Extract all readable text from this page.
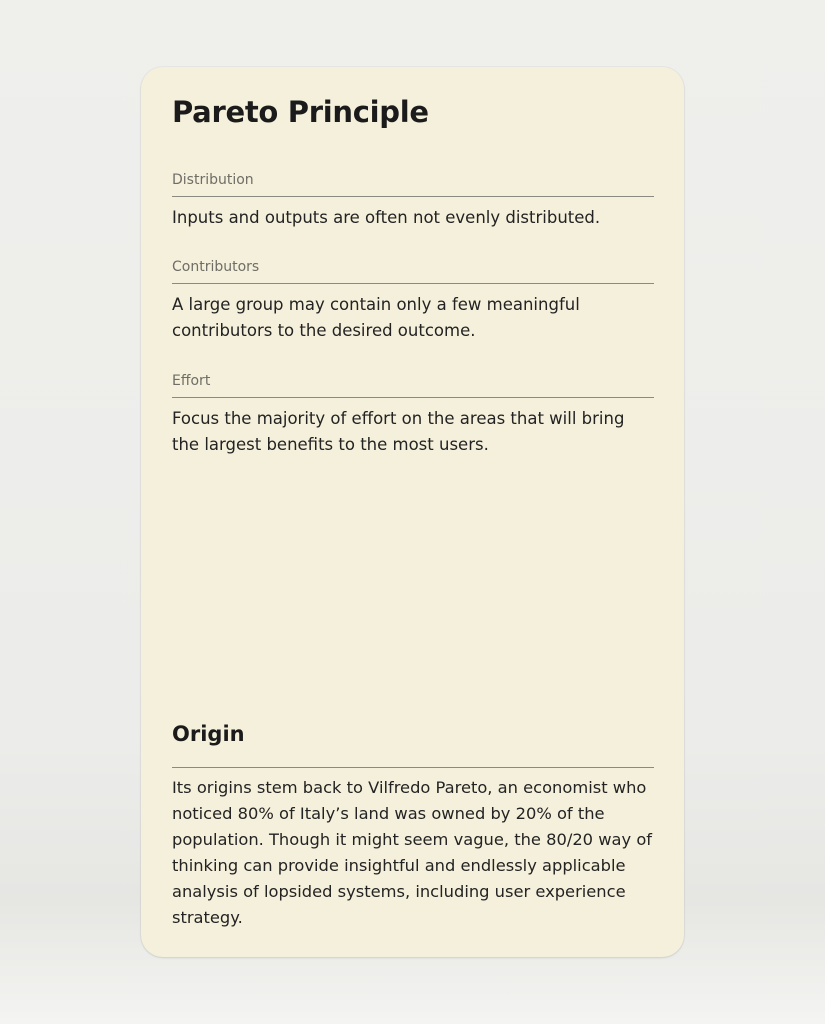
Pareto Principle
Distribution
Inputs and outputs are often not evenly distributed.
Contributors
A large group may contain only a few meaningful contributors to the desired outcome.
Effort
Focus the majority of effort on the areas that will bring the largest benefits to the most users.
Origin
Its origins stem back to Vilfredo Pareto, an economist who noticed 80% of Italy’s land was owned by 20% of the population. Though it might seem vague, the 80/20 way of thinking can provide insightful and endlessly applicable analysis of lopsided systems, including user experience strategy.
